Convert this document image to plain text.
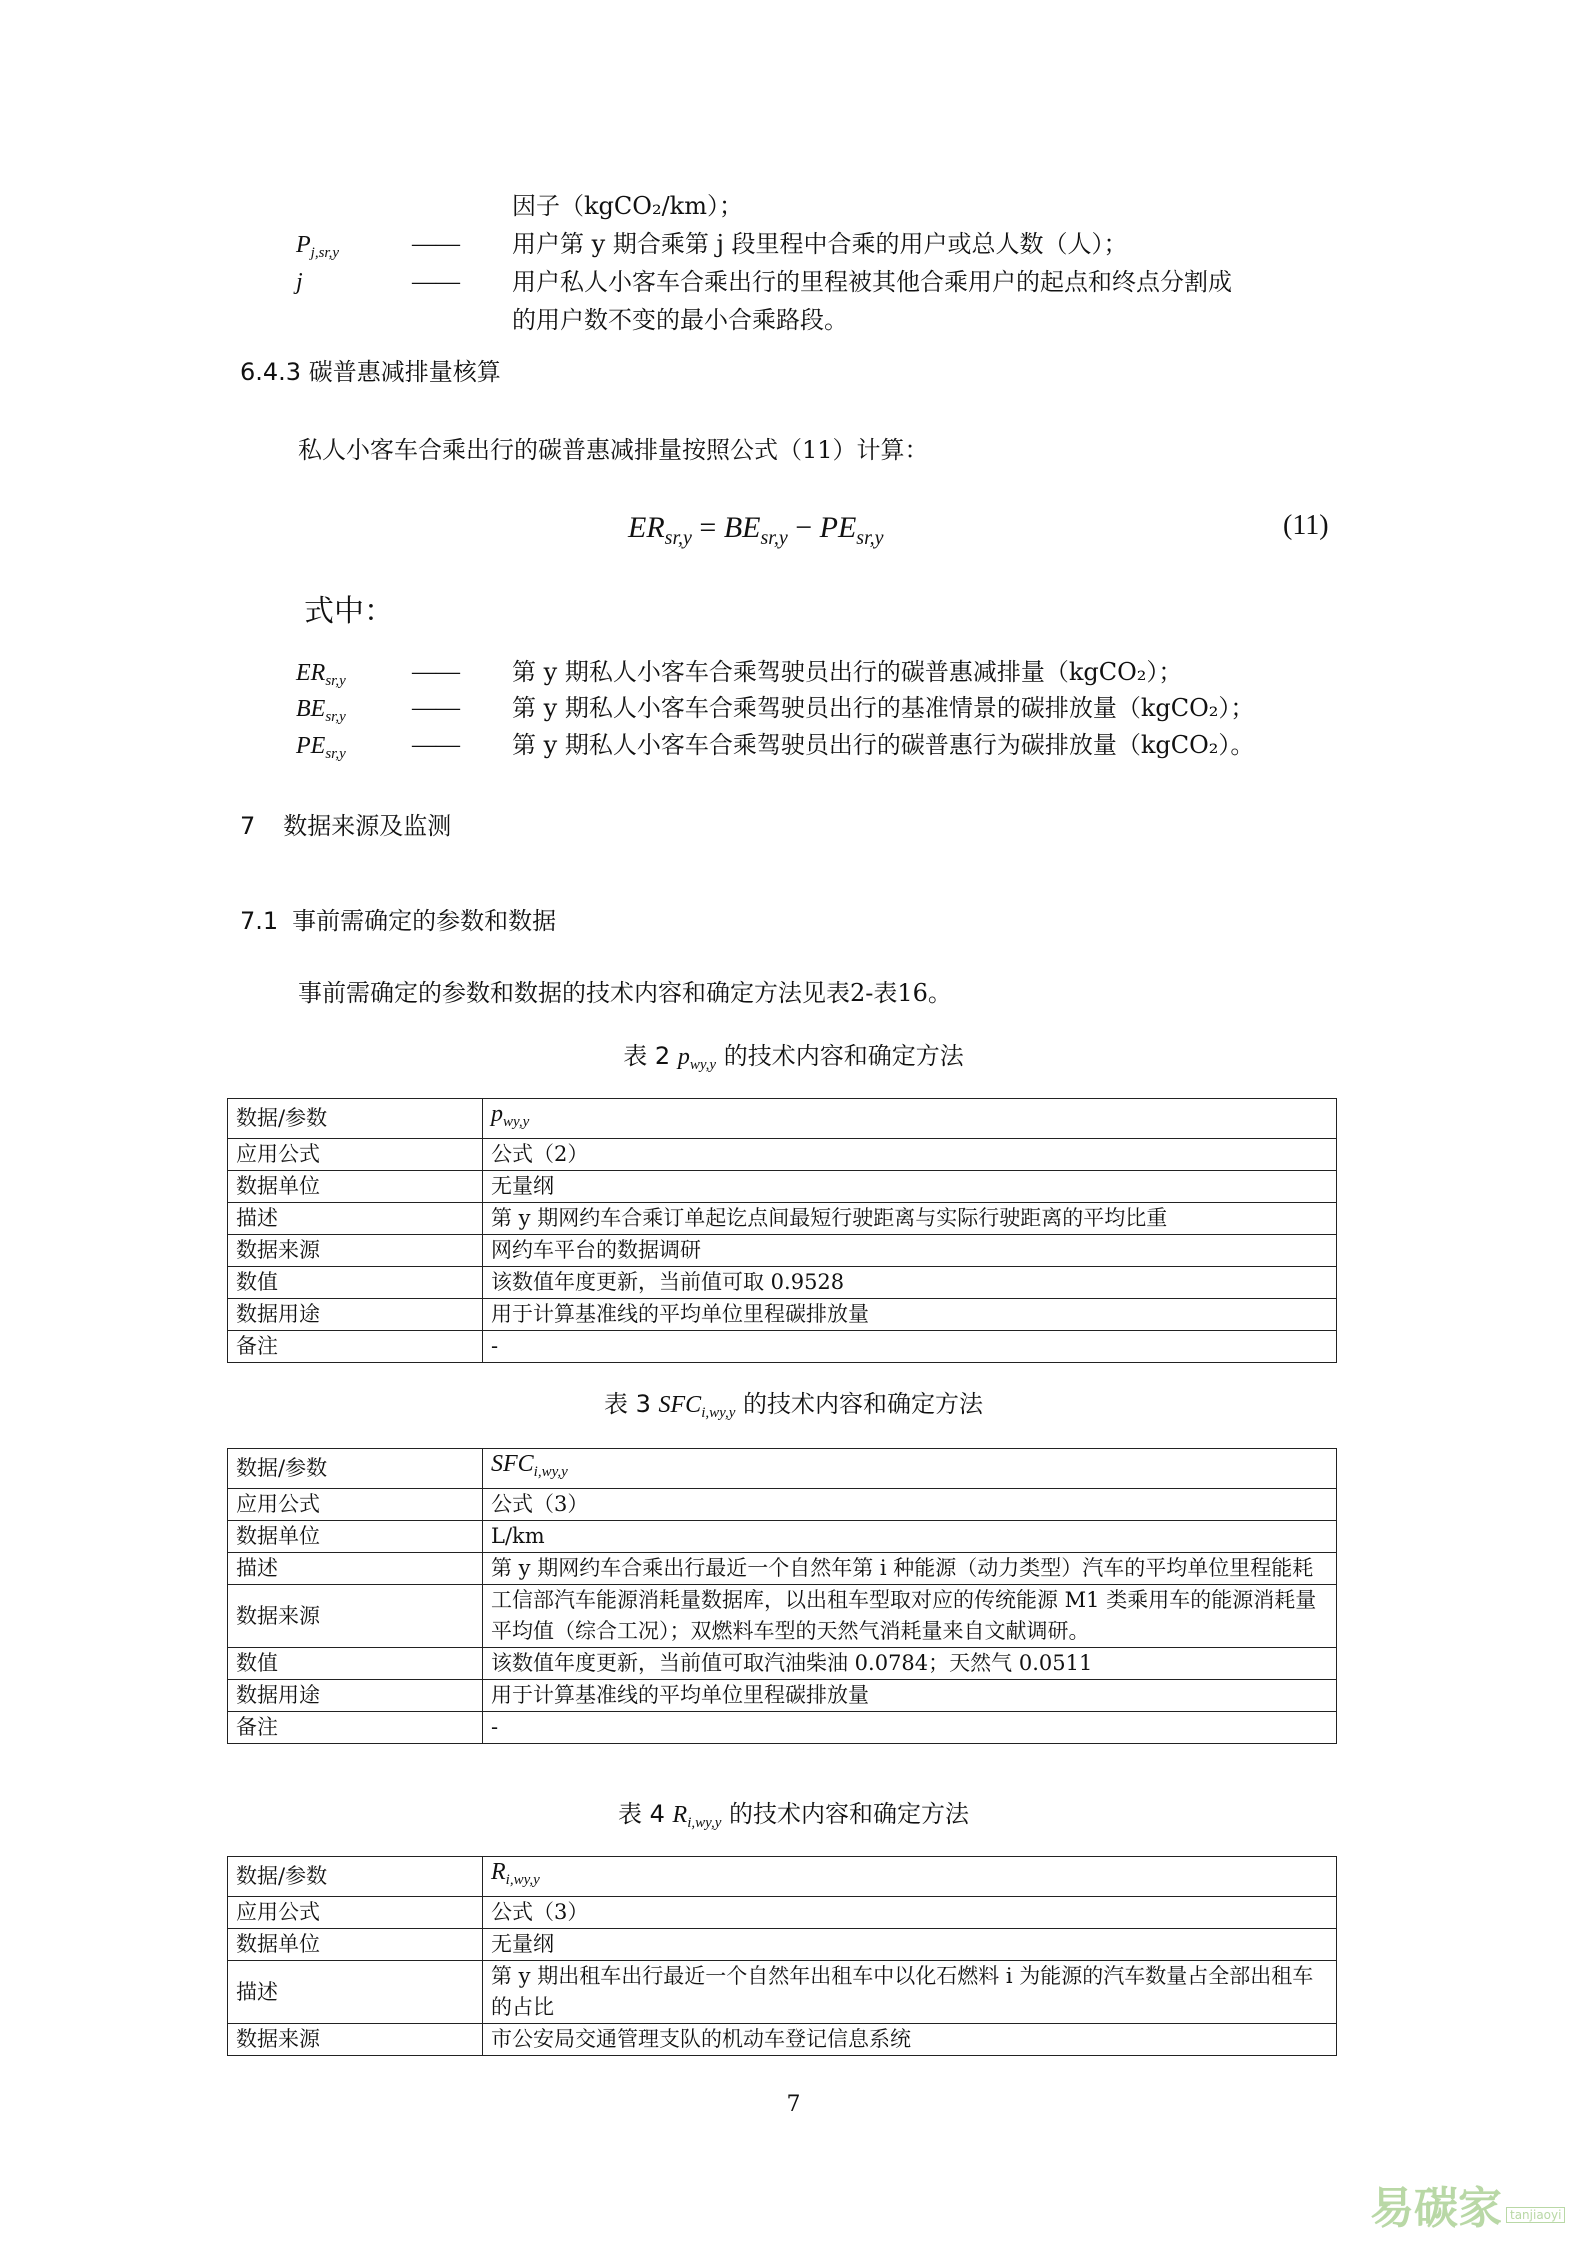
因子（kgCO₂/km）；
$P_{j,sr,y}$	—— 用户第 y 期合乘第 j 段里程中合乘的用户或总人数（人）；
j	—— 用户私人小客车合乘出行的里程被其他合乘用户的起点和终点分割成
的用户数不变的最小合乘路段。
6.4.3 碳普惠减排量核算
私人小客车合乘出行的碳普惠减排量按照公式（11）计算：
$ER_{sr,y} = BE_{sr,y} - PE_{sr,y}$	(11)
式中：
$ER_{sr,y}$	—— 第 y 期私人小客车合乘驾驶员出行的碳普惠减排量（kgCO₂）；
$BE_{sr,y}$	—— 第 y 期私人小客车合乘驾驶员出行的基准情景的碳排放量（kgCO₂）；
$PE_{sr,y}$	—— 第 y 期私人小客车合乘驾驶员出行的碳普惠行为碳排放量（kgCO₂）。
7 数据来源及监测
7.1 事前需确定的参数和数据
事前需确定的参数和数据的技术内容和确定方法见表2-表16。
表 2 $p_{wy,y}$ 的技术内容和确定方法
数据/参数	$p_{wy,y}$
应用公式	公式（2）
数据单位	无量纲
描述	第 y 期网约车合乘订单起讫点间最短行驶距离与实际行驶距离的平均比重
数据来源	网约车平台的数据调研
数值	该数值年度更新，当前值可取 0.9528
数据用途	用于计算基准线的平均单位里程碳排放量
备注	-
表 3 $SFC_{i,wy,y}$ 的技术内容和确定方法
数据/参数	$SFC_{i,wy,y}$
应用公式	公式（3）
数据单位	L/km
描述	第 y 期网约车合乘出行最近一个自然年第 i 种能源（动力类型）汽车的平均单位里程能耗
数据来源	工信部汽车能源消耗量数据库，以出租车型取对应的传统能源 M1 类乘用车的能源消耗量平均值（综合工况）；双燃料车型的天然气消耗量来自文献调研。
数值	该数值年度更新，当前值可取汽油柴油 0.0784；天然气 0.0511
数据用途	用于计算基准线的平均单位里程碳排放量
备注	-
表 4 $R_{i,wy,y}$ 的技术内容和确定方法
数据/参数	$R_{i,wy,y}$
应用公式	公式（3）
数据单位	无量纲
描述	第 y 期出租车出行最近一个自然年出租车中以化石燃料 i 为能源的汽车数量占全部出租车的占比
数据来源	市公安局交通管理支队的机动车登记信息系统
7
易碳家 tanjiaoyi
